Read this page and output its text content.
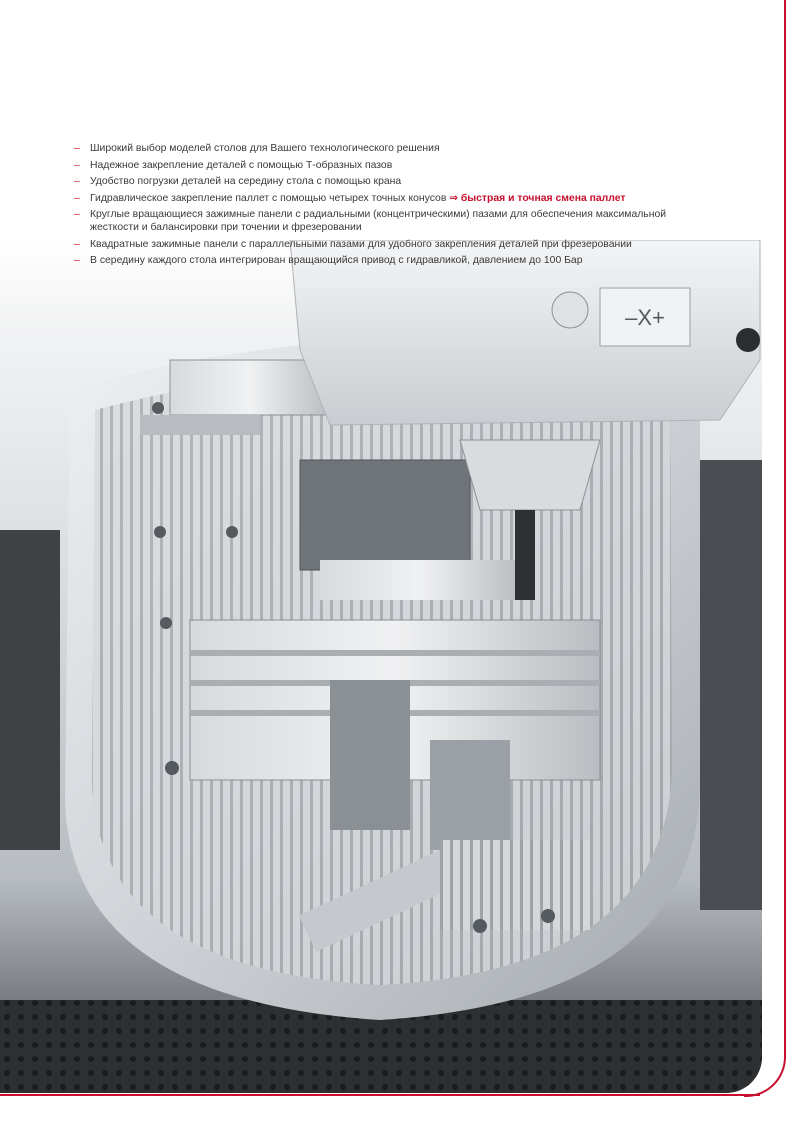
–X+
– Широкий выбор моделей столов для Вашего технологического решения
– Надежное закрепление деталей с помощью Т-образных пазов
– Удобство погрузки деталей на середину стола с помощью крана
– Гидравлическое закрепление паллет с помощью четырех точных конусов ⇒ быстрая и точная смена паллет
– Круглые вращающиеся зажимные панели с радиальными (концентрическими) пазами для обеспечения максимальной жесткости и балансировки при точении и фрезеровании
– Квадратные зажимные панели с параллельными пазами для удобного закрепления деталей при фрезеровании
– В середину каждого стола интегрирован вращающийся привод с гидравликой, давлением до 100 Бар
